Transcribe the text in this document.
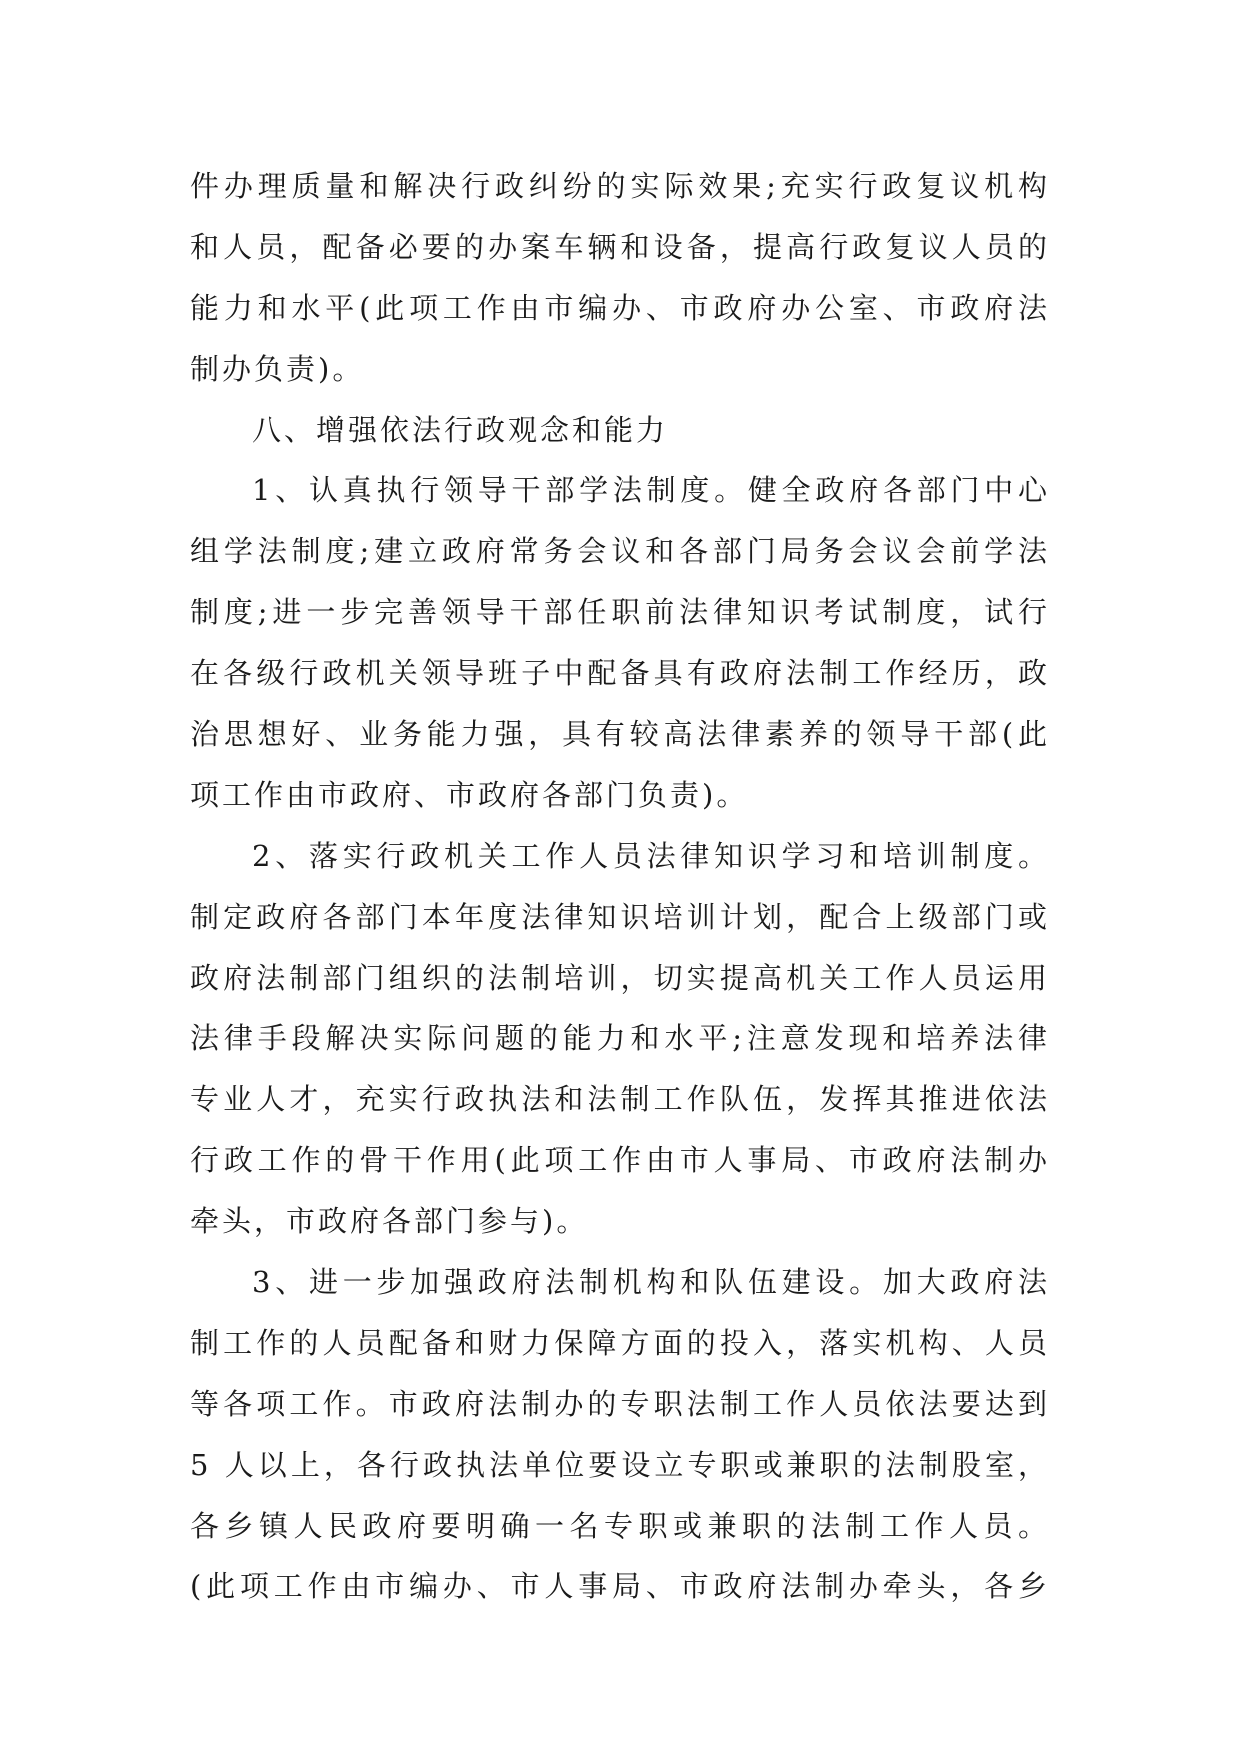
件办理质量和解决行政纠纷的实际效果;充实行政复议机构
和人员，配备必要的办案车辆和设备，提高行政复议人员的
能力和水平(此项工作由市编办、市政府办公室、市政府法
制办负责)。
八、增强依法行政观念和能力
1、认真执行领导干部学法制度。健全政府各部门中心
组学法制度;建立政府常务会议和各部门局务会议会前学法
制度;进一步完善领导干部任职前法律知识考试制度，试行
在各级行政机关领导班子中配备具有政府法制工作经历，政
治思想好、业务能力强，具有较高法律素养的领导干部(此
项工作由市政府、市政府各部门负责)。
2、落实行政机关工作人员法律知识学习和培训制度。
制定政府各部门本年度法律知识培训计划，配合上级部门或
政府法制部门组织的法制培训，切实提高机关工作人员运用
法律手段解决实际问题的能力和水平;注意发现和培养法律
专业人才，充实行政执法和法制工作队伍，发挥其推进依法
行政工作的骨干作用(此项工作由市人事局、市政府法制办
牵头，市政府各部门参与)。
3、进一步加强政府法制机构和队伍建设。加大政府法
制工作的人员配备和财力保障方面的投入，落实机构、人员
等各项工作。市政府法制办的专职法制工作人员依法要达到
5 人以上，各行政执法单位要设立专职或兼职的法制股室，
各乡镇人民政府要明确一名专职或兼职的法制工作人员。
(此项工作由市编办、市人事局、市政府法制办牵头，各乡
